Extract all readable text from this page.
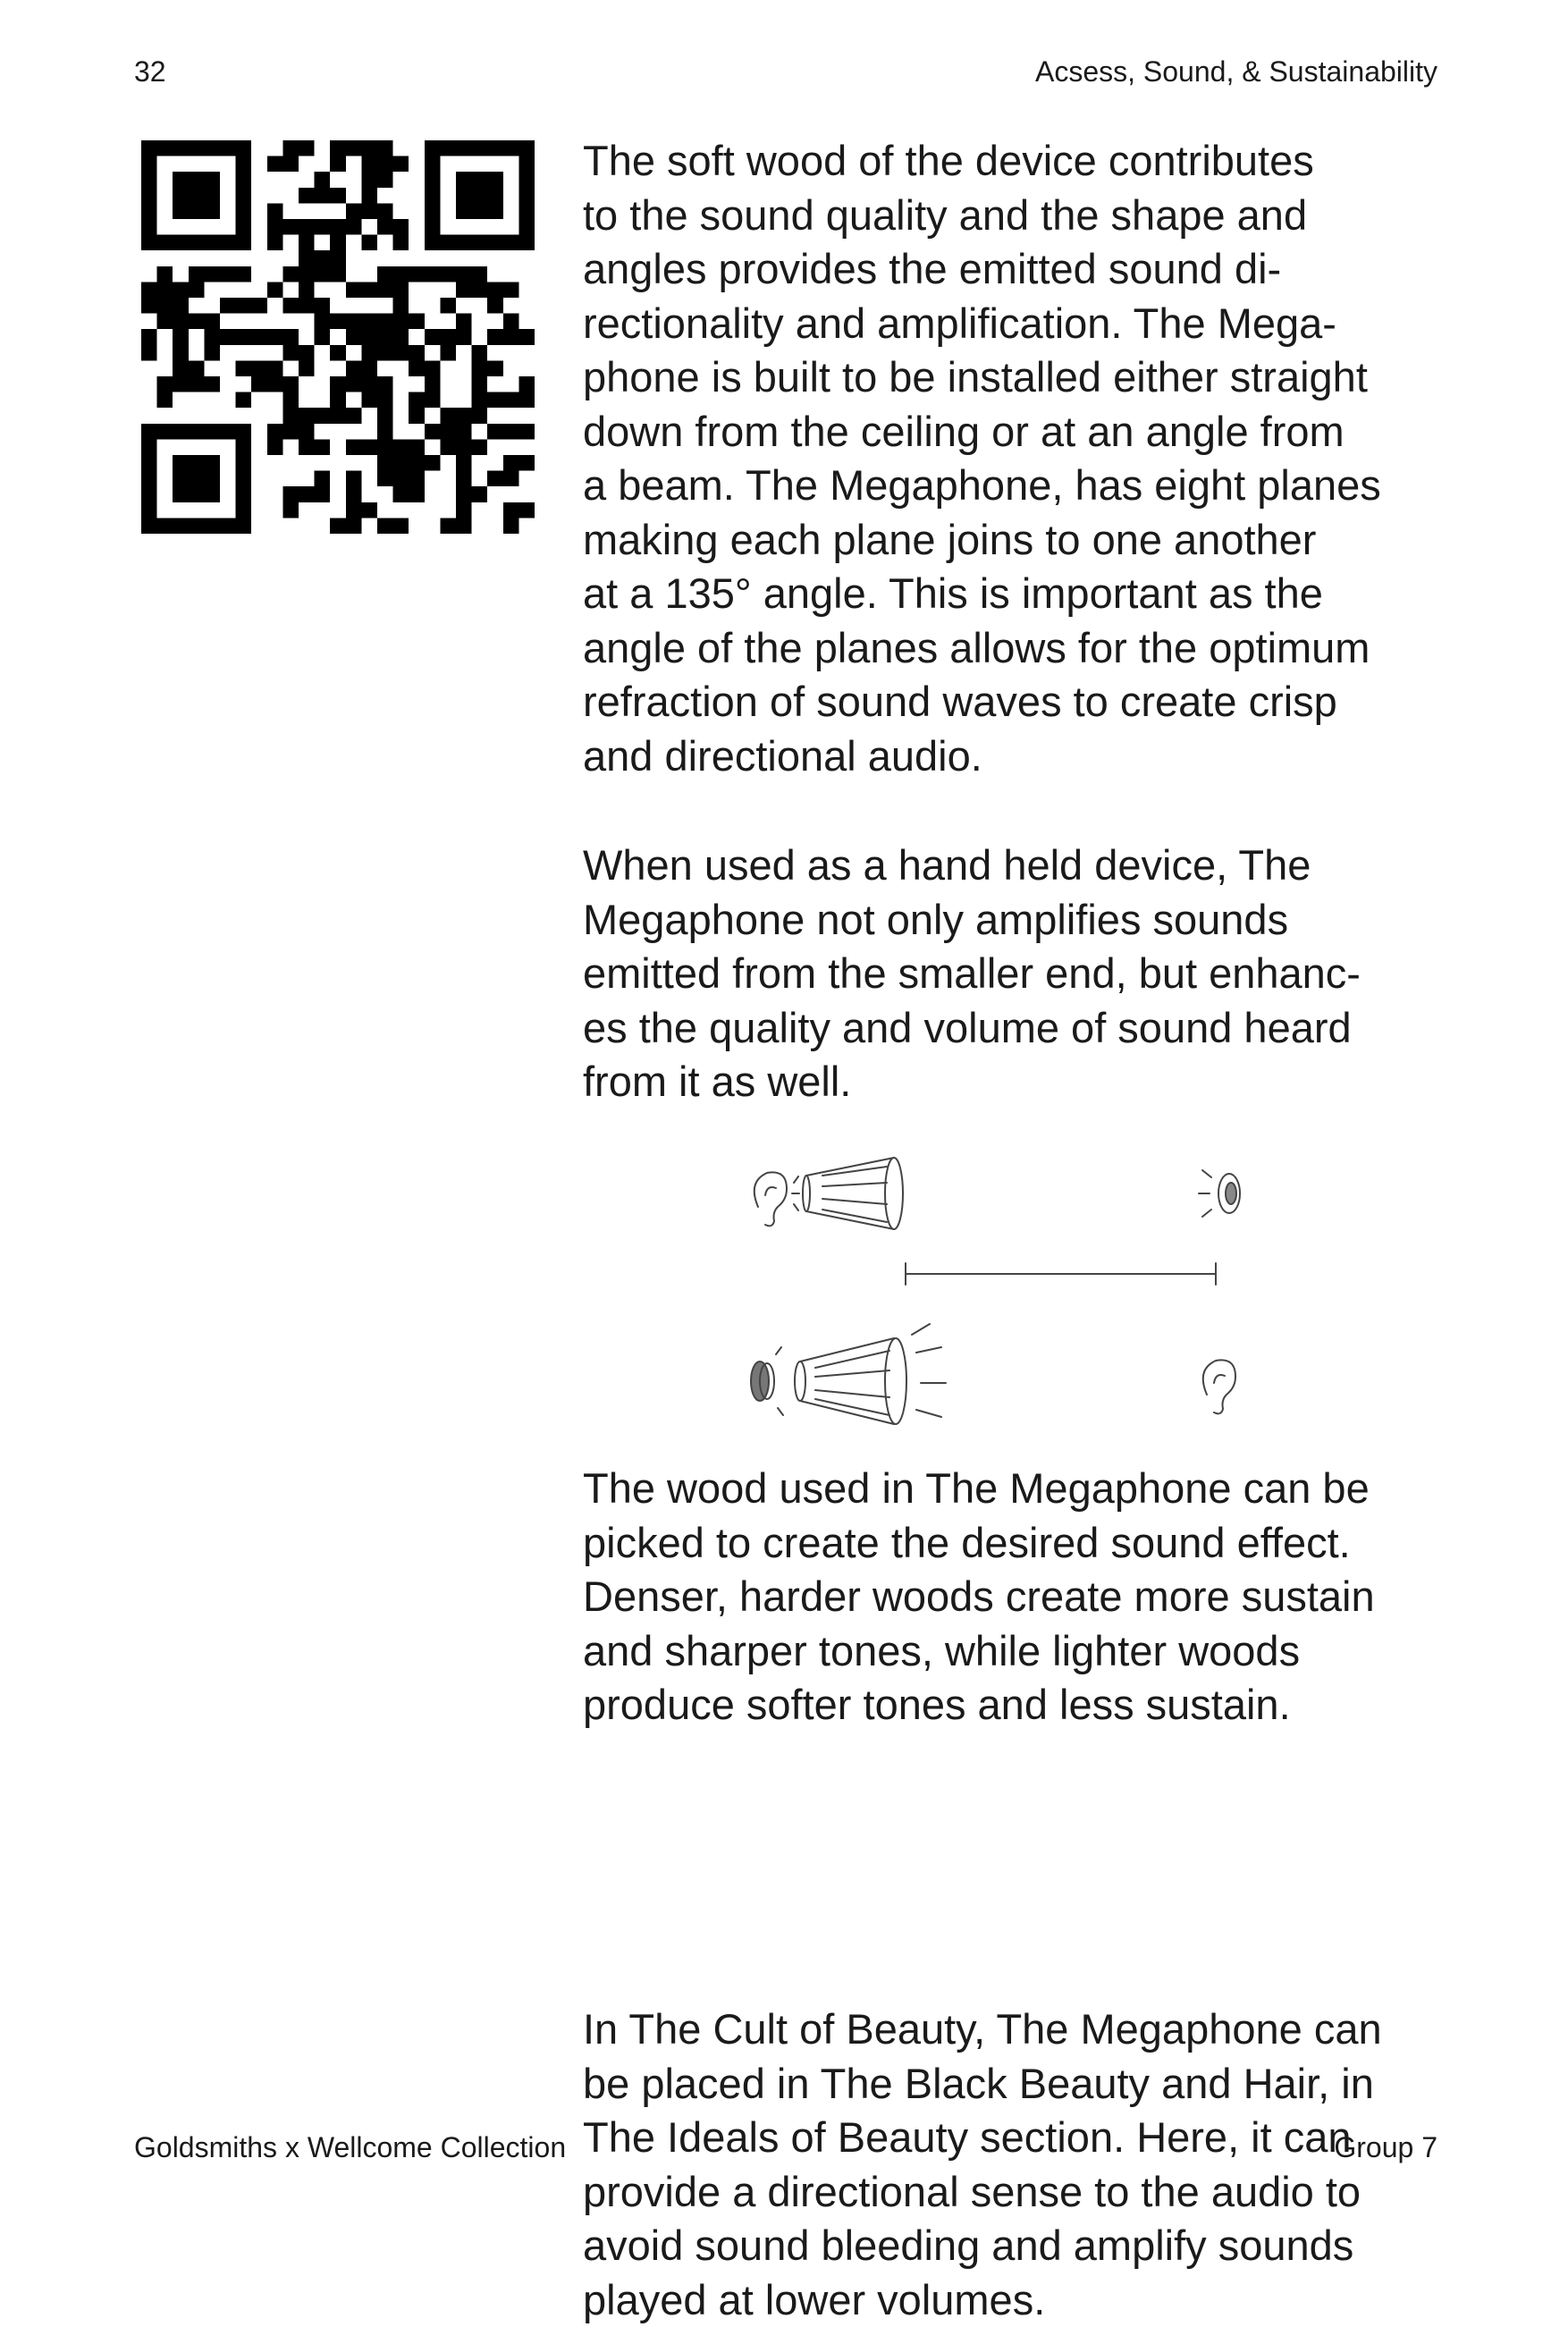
32	Acsess, Sound, & Sustainability

The soft wood of the device contributes
to the sound quality and the shape and
angles provides the emitted sound di-
rectionality and amplification. The Mega-
phone is built to be installed either straight
down from the ceiling or at an angle from
a beam. The Megaphone, has eight planes
making each plane joins to one another
at a 135° angle. This is important as the
angle of the planes allows for the optimum
refraction of sound waves to create crisp
and directional audio.

When used as a hand held device, The
Megaphone not only amplifies sounds
emitted from the smaller end, but enhanc-
es the quality and volume of sound heard
from it as well.

The wood used in The Megaphone can be
picked to create the desired sound effect.
Denser, harder woods create more sustain
and sharper tones, while lighter woods
produce softer tones and less sustain.

In The Cult of Beauty, The Megaphone can
be placed in The Black Beauty and Hair, in
The Ideals of Beauty section. Here, it can
provide a directional sense to the audio to
avoid sound bleeding and amplify sounds
played at lower volumes.

Goldsmiths x Wellcome Collection	Group 7
